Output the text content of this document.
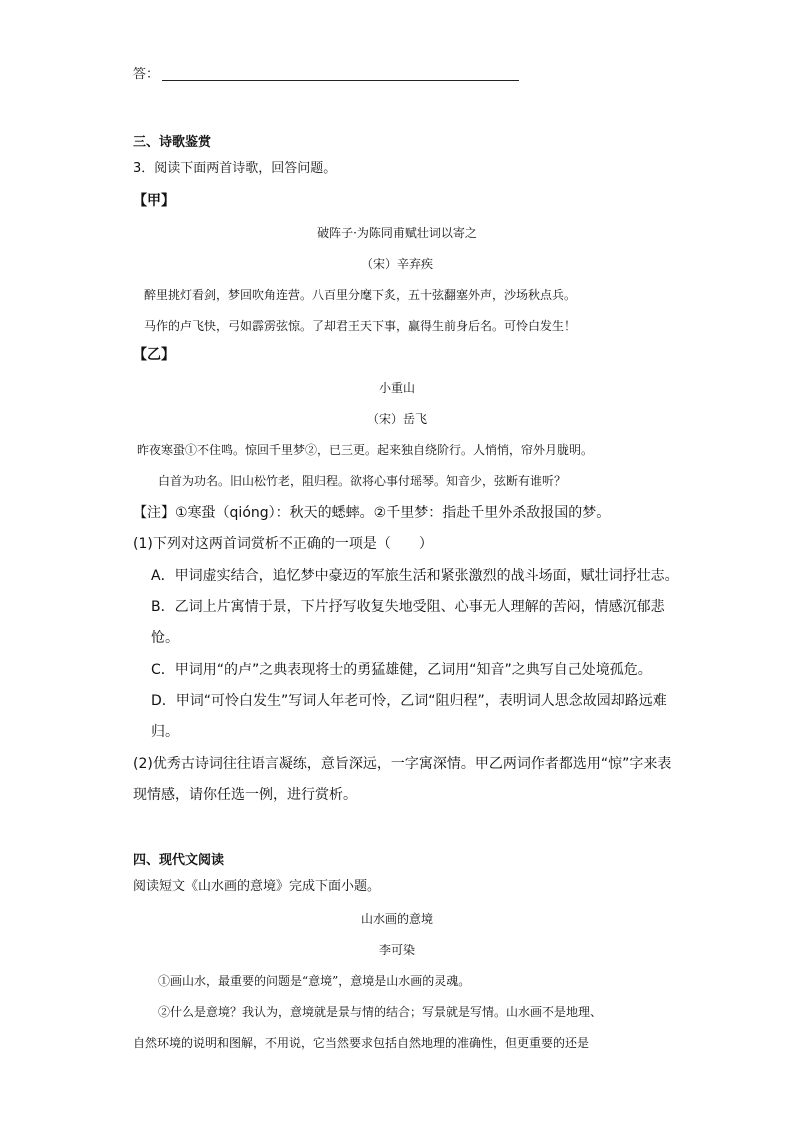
答：
三、诗歌鉴赏
3．阅读下面两首诗歌，回答问题。
【甲】
破阵子·为陈同甫赋壮词以寄之
（宋）辛弃疾
醉里挑灯看剑，梦回吹角连营。八百里分麾下炙，五十弦翻塞外声，沙场秋点兵。
马作的卢飞快，弓如霹雳弦惊。了却君王天下事，赢得生前身后名。可怜白发生！
【乙】
小重山
（宋）岳飞
昨夜寒蛩①不住鸣。惊回千里梦②，已三更。起来独自绕阶行。人悄悄，帘外月胧明。
白首为功名。旧山松竹老，阻归程。欲将心事付瑶琴。知音少，弦断有谁听？
【注】①寒蛩（qióng）：秋天的蟋蟀。②千里梦：指赴千里外杀敌报国的梦。
(1)下列对这两首词赏析不正确的一项是（　　）
A．甲词虚实结合，追忆梦中豪迈的军旅生活和紧张激烈的战斗场面，赋壮词抒壮志。
B．乙词上片寓情于景，下片抒写收复失地受阻、心事无人理解的苦闷，情感沉郁悲
怆。
C．甲词用“的卢”之典表现将士的勇猛雄健，乙词用“知音”之典写自己处境孤危。
D．甲词“可怜白发生”写词人年老可怜，乙词“阻归程”，表明词人思念故园却路远难
归。
(2)优秀古诗词往往语言凝练，意旨深远，一字寓深情。甲乙两词作者都选用“惊”字来表
现情感，请你任选一例，进行赏析。
四、现代文阅读
阅读短文《山水画的意境》完成下面小题。
山水画的意境
李可染
①画山水，最重要的问题是“意境”，意境是山水画的灵魂。
②什么是意境？我认为，意境就是景与情的结合；写景就是写情。山水画不是地理、
自然环境的说明和图解，不用说，它当然要求包括自然地理的准确性，但更重要的还是
